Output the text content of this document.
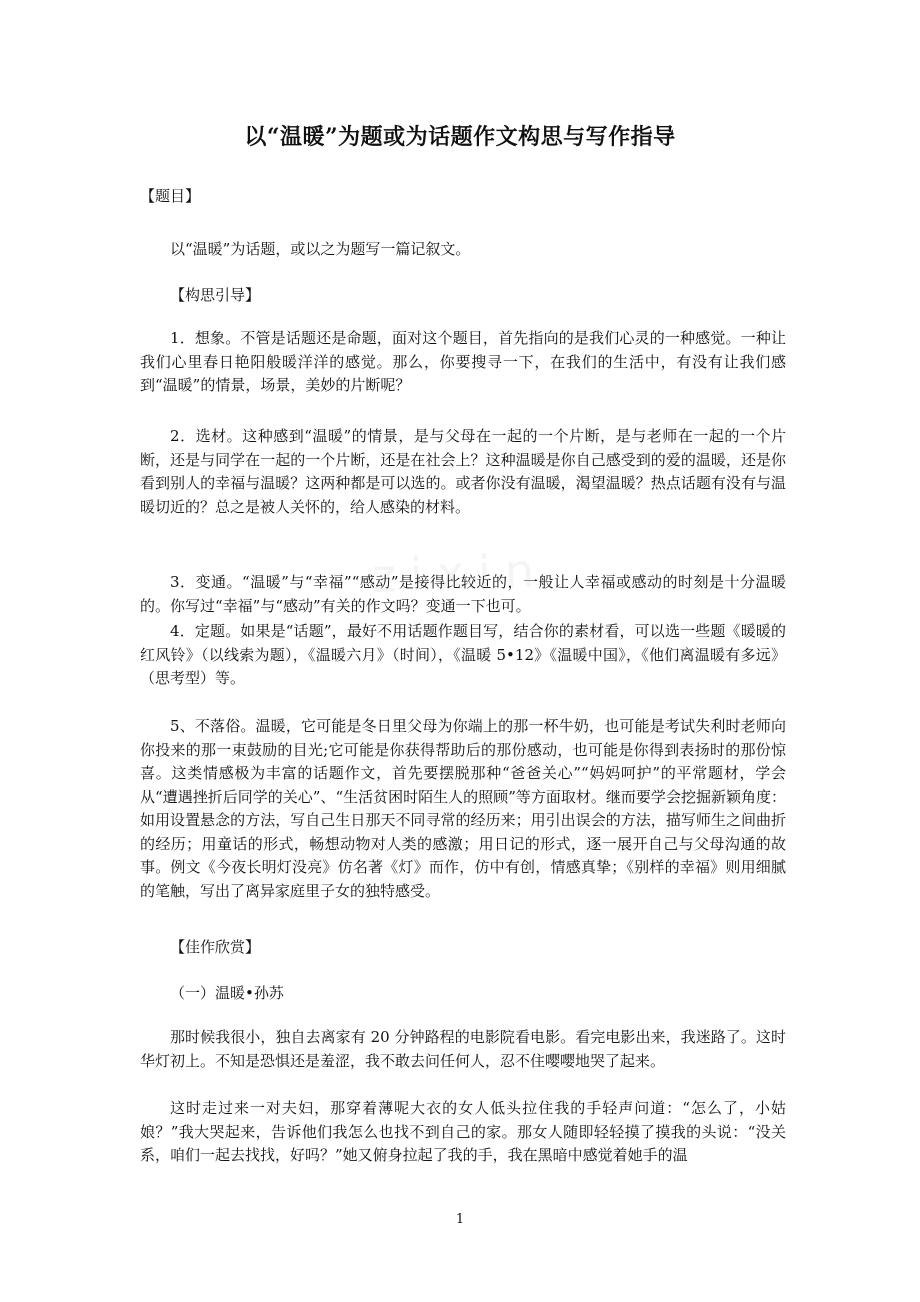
以“温暖”为题或为话题作文构思与写作指导
【题目】
以“温暖”为话题，或以之为题写一篇记叙文。
【构思引导】

1．想象。不管是话题还是命题，面对这个题目，首先指向的是我们心灵的一种感觉。一种让我们心里春日艳阳般暖洋洋的感觉。那么，你要搜寻一下，在我们的生活中，有没有让我们感到“温暖”的情景，场景，美妙的片断呢？

2．选材。这种感到“温暖”的情景，是与父母在一起的一个片断，是与老师在一起的一个片断，还是与同学在一起的一个片断，还是在社会上？这种温暖是你自己感受到的爱的温暖，还是你看到别人的幸福与温暖？这两种都是可以选的。或者你没有温暖，渴望温暖？热点话题有没有与温暖切近的？总之是被人关怀的，给人感染的材料。

3．变通。“温暖”与“幸福”“感动”是接得比较近的，一般让人幸福或感动的时刻是十分温暖的。你写过“幸福”与“感动”有关的作文吗？变通一下也可。

4．定题。如果是“话题”，最好不用话题作题目写，结合你的素材看，可以选一些题《暖暖的红风铃》（以线索为题），《温暖六月》（时间），《温暖 5•12》《温暖中国》，《他们离温暖有多远》（思考型）等。

5、不落俗。温暖，它可能是冬日里父母为你端上的那一杯牛奶，也可能是考试失利时老师向你投来的那一束鼓励的目光;它可能是你获得帮助后的那份感动，也可能是你得到表扬时的那份惊喜。这类情感极为丰富的话题作文，首先要摆脱那种“爸爸关心”“妈妈呵护”的平常题材，学会从“遭遇挫折后同学的关心”、“生活贫困时陌生人的照顾”等方面取材。继而要学会挖掘新颖角度：如用设置悬念的方法，写自己生日那天不同寻常的经历来；用引出误会的方法，描写师生之间曲折的经历；用童话的形式，畅想动物对人类的感激；用日记的形式，逐一展开自己与父母沟通的故事。例文《今夜长明灯没亮》仿名著《灯》而作，仿中有创，情感真挚；《别样的幸福》则用细腻的笔触，写出了离异家庭里子女的独特感受。

【佳作欣赏】
（一）温暖•孙苏

那时候我很小，独自去离家有 20 分钟路程的电影院看电影。看完电影出来，我迷路了。这时华灯初上。不知是恐惧还是羞涩，我不敢去问任何人，忍不住嘤嘤地哭了起来。

这时走过来一对夫妇，那穿着薄呢大衣的女人低头拉住我的手轻声问道：“怎么了，小姑娘？”我大哭起来，告诉他们我怎么也找不到自己的家。那女人随即轻轻摸了摸我的头说：“没关系，咱们一起去找找，好吗？”她又俯身拉起了我的手，我在黑暗中感觉着她手的温

1
